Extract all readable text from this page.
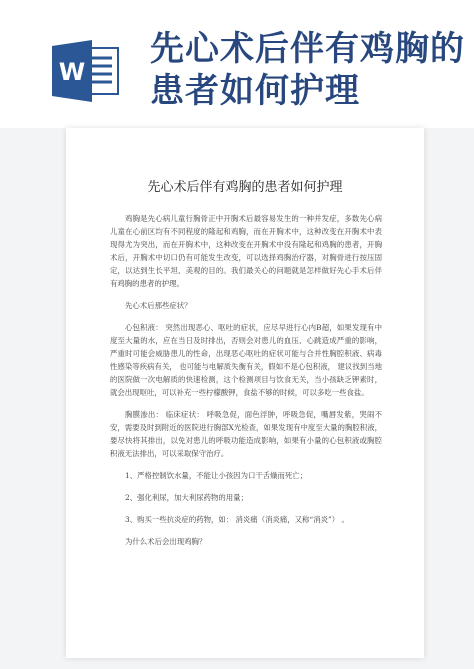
W
先心术后伴有鸡胸的患者如何护理
先心术后伴有鸡胸的患者如何护理

鸡胸是先心病儿童行胸骨正中开胸术后最容易发生的一种并发症，多数先心病儿童在心前区均有不同程度的隆起和鸡胸，而在开胸术中，这种改变在开胸术中表现得尤为突出，而在开胸术中，这种改变在开胸术中没有隆起和鸡胸的患者，开胸术后，开胸术中切口仍有可能发生改变，可以选择鸡胸治疗器，对胸骨进行按压固定，以达到生长平坦、美观的目的。我们最关心的问题就是怎样做好先心手术后伴有鸡胸的患者的护理。

先心术后那些症状？

心包积液： 突然出现恶心、呕吐的症状，应尽早进行心内B超，如果发现有中度至大量的水，应在当日及时排出，否则会对患儿的血压、心跳造成严重的影响，严重时可能会威胁患儿的性命，出现恶心呕吐的症状可能与合并性胸腔积液、病毒性感染等疾病有关， 也可能与电解质失衡有关，假如不是心包积液， 建议找到当地的医院做一次电解质的快速检测，这个检测项目与饮食无关，当小孩缺乏钾素时，就会出现呕吐，可以补充一些柠檬酸钾，食盐不够的时候，可以多吃一些食盐。

胸膜渗出： 临床症状： 呼吸急促，面色浮肿，呼吸急促，嘴唇发紫，哭闹不安，需要及时到附近的医院进行胸部X光检查，如果发现有中度至大量的胸腔积液， 要尽快将其排出，以免对患儿的呼吸功能造成影响，如果有小量的心包积液或胸腔积液无法排出，可以采取保守治疗。

1、严格控制饮水量，不能让小孩因为口干舌燥而死亡；

2、强化利尿，加大利尿药物的用量；

3、购买一些抗炎症的药物，如： 消炎痛（消炎痛，又称“消炎”） 。

为什么术后会出现鸡胸？
